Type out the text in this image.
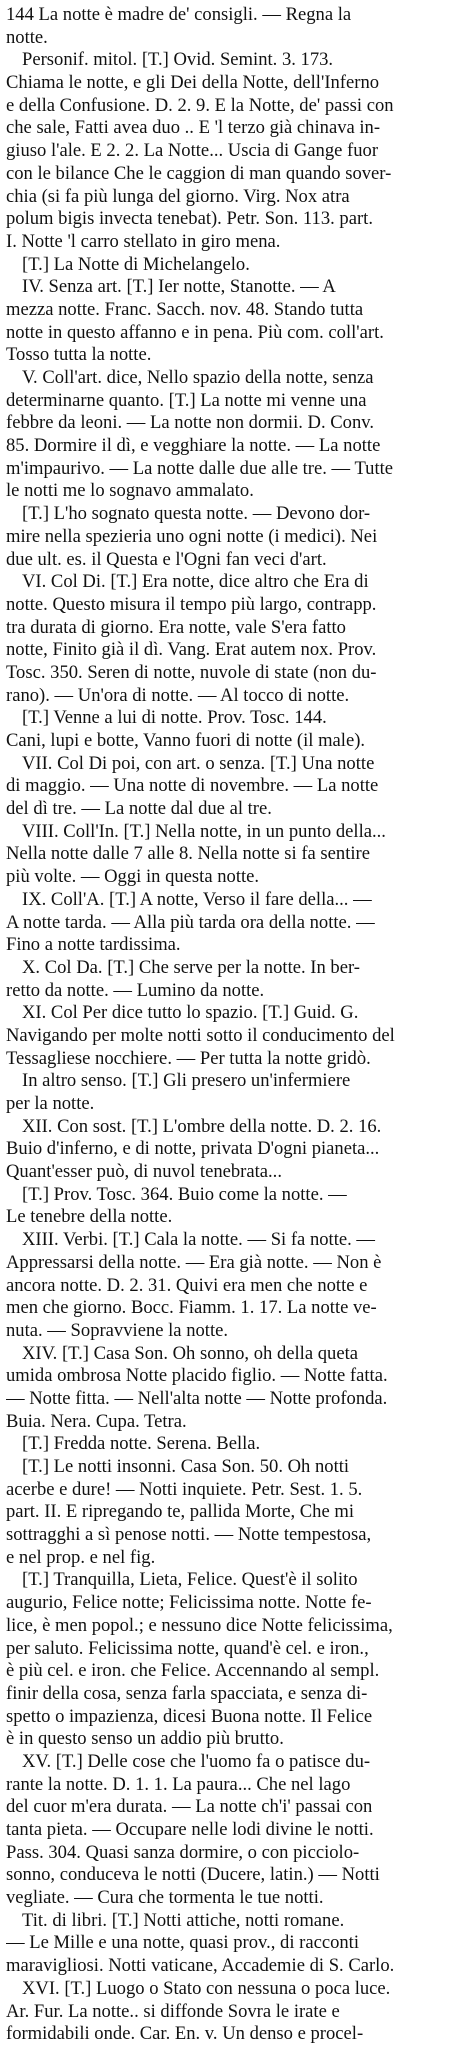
144 La notte è madre de' consigli. — Regna la
notte.
Personif. mitol. [T.] Ovid. Semint. 3. 173.
Chiama le notte, e gli Dei della Notte, dell'Inferno
e della Confusione. D. 2. 9. E la Notte, de' passi con
che sale, Fatti avea duo .. E 'l terzo già chinava in-
giuso l'ale. E 2. 2. La Notte... Uscia di Gange fuor
con le bilance Che le caggion di man quando sover-
chia (si fa più lunga del giorno. Virg. Nox atra
polum bigis invecta tenebat). Petr. Son. 113. part.
I. Notte 'l carro stellato in giro mena.
[T.] La Notte di Michelangelo.
IV. Senza art. [T.] Ier notte, Stanotte. — A
mezza notte. Franc. Sacch. nov. 48. Stando tutta
notte in questo affanno e in pena. Più com. coll'art.
Tosso tutta la notte.
V. Coll'art. dice, Nello spazio della notte, senza
determinarne quanto. [T.] La notte mi venne una
febbre da leoni. — La notte non dormii. D. Conv.
85. Dormire il dì, e vegghiare la notte. — La notte
m'impaurivo. — La notte dalle due alle tre. — Tutte
le notti me lo sognavo ammalato.
[T.] L'ho sognato questa notte. — Devono dor-
mire nella spezieria uno ogni notte (i medici). Nei
due ult. es. il Questa e l'Ogni fan veci d'art.
VI. Col Di. [T.] Era notte, dice altro che Era di
notte. Questo misura il tempo più largo, contrapp.
tra durata di giorno. Era notte, vale S'era fatto
notte, Finito già il dì. Vang. Erat autem nox. Prov.
Tosc. 350. Seren di notte, nuvole di state (non du-
rano). — Un'ora di notte. — Al tocco di notte.
[T.] Venne a lui di notte. Prov. Tosc. 144.
Cani, lupi e botte, Vanno fuori di notte (il male).
VII. Col Di poi, con art. o senza. [T.] Una notte
di maggio. — Una notte di novembre. — La notte
del dì tre. — La notte dal due al tre.
VIII. Coll'In. [T.] Nella notte, in un punto della...
Nella notte dalle 7 alle 8. Nella notte si fa sentire
più volte. — Oggi in questa notte.
IX. Coll'A. [T.] A notte, Verso il fare della... —
A notte tarda. — Alla più tarda ora della notte. —
Fino a notte tardissima.
X. Col Da. [T.] Che serve per la notte. In ber-
retto da notte. — Lumino da notte.
XI. Col Per dice tutto lo spazio. [T.] Guid. G.
Navigando per molte notti sotto il conducimento del
Tessagliese nocchiere. — Per tutta la notte gridò.
In altro senso. [T.] Gli presero un'infermiere
per la notte.
XII. Con sost. [T.] L'ombre della notte. D. 2. 16.
Buio d'inferno, e di notte, privata D'ogni pianeta...
Quant'esser può, di nuvol tenebrata...
[T.] Prov. Tosc. 364. Buio come la notte. —
Le tenebre della notte.
XIII. Verbi. [T.] Cala la notte. — Si fa notte. —
Appressarsi della notte. — Era già notte. — Non è
ancora notte. D. 2. 31. Quivi era men che notte e
men che giorno. Bocc. Fiamm. 1. 17. La notte ve-
nuta. — Sopravviene la notte.
XIV. [T.] Casa Son. Oh sonno, oh della queta
umida ombrosa Notte placido figlio. — Notte fatta.
— Notte fitta. — Nell'alta notte — Notte profonda.
Buia. Nera. Cupa. Tetra.
[T.] Fredda notte. Serena. Bella.
[T.] Le notti insonni. Casa Son. 50. Oh notti
acerbe e dure! — Notti inquiete. Petr. Sest. 1. 5.
part. II. E ripregando te, pallida Morte, Che mi
sottragghi a sì penose notti. — Notte tempestosa,
e nel prop. e nel fig.
[T.] Tranquilla, Lieta, Felice. Quest'è il solito
augurio, Felice notte; Felicissima notte. Notte fe-
lice, è men popol.; e nessuno dice Notte felicissima,
per saluto. Felicissima notte, quand'è cel. e iron.,
è più cel. e iron. che Felice. Accennando al sempl.
finir della cosa, senza farla spacciata, e senza di-
spetto o impazienza, dicesi Buona notte. Il Felice
è in questo senso un addio più brutto.
XV. [T.] Delle cose che l'uomo fa o patisce du-
rante la notte. D. 1. 1. La paura... Che nel lago
del cuor m'era durata. — La notte ch'i' passai con
tanta pieta. — Occupare nelle lodi divine le notti.
Pass. 304. Quasi sanza dormire, o con picciolo-
sonno, conduceva le notti (Ducere, latin.) — Notti
vegliate. — Cura che tormenta le tue notti.
Tit. di libri. [T.] Notti attiche, notti romane.
— Le Mille e una notte, quasi prov., di racconti
maravigliosi. Notti vaticane, Accademie di S. Carlo.
XVI. [T.] Luogo o Stato con nessuna o poca luce.
Ar. Fur. La notte.. si diffonde Sovra le irate e
formidabili onde. Car. En. v. Un denso e procel-
